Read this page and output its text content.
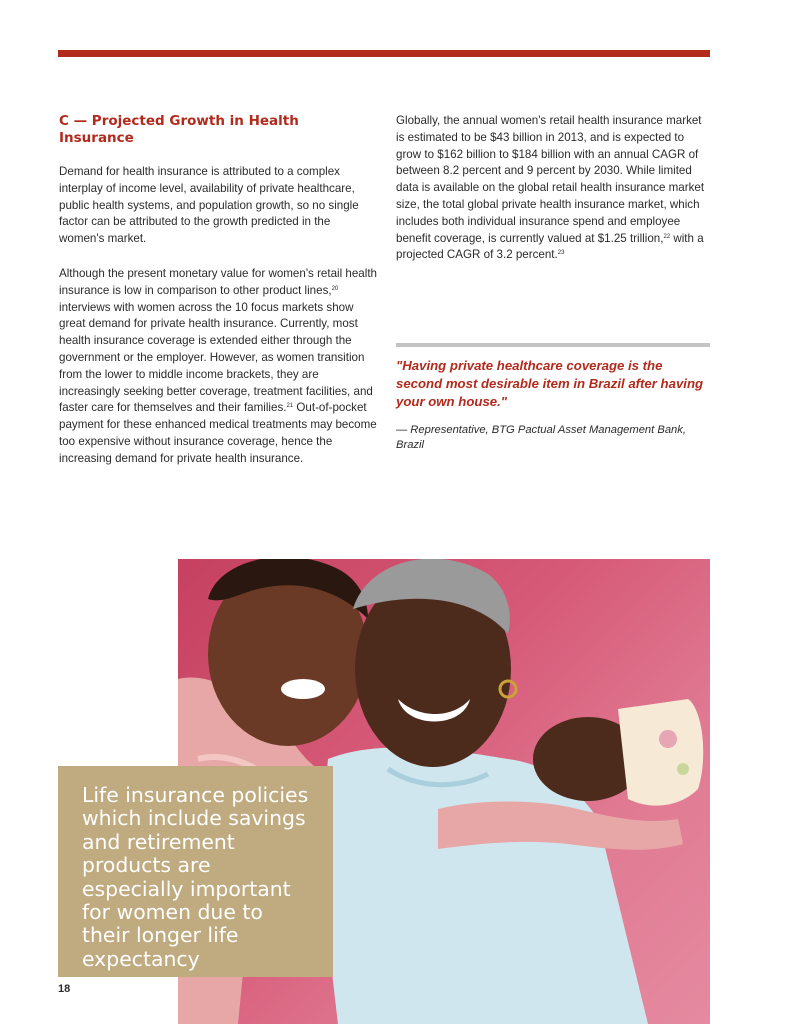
C — Projected Growth in Health Insurance

Demand for health insurance is attributed to a complex interplay of income level, availability of private healthcare, public health systems, and population growth, so no single factor can be attributed to the growth predicted in the women's market.

Although the present monetary value for women's retail health insurance is low in comparison to other product lines,$^{20}$ interviews with women across the 10 focus markets show great demand for private health insurance. Currently, most health insurance coverage is extended either through the government or the employer. However, as women transition from the lower to middle income brackets, they are increasingly seeking better coverage, treatment facilities, and faster care for themselves and their families.$^{21}$ Out-of-pocket payment for these enhanced medical treatments may become too expensive without insurance coverage, hence the increasing demand for private health insurance.

Globally, the annual women's retail health insurance market is estimated to be $43 billion in 2013, and is expected to grow to $162 billion to $184 billion with an annual CAGR of between 8.2 percent and 9 percent by 2030. While limited data is available on the global retail health insurance market size, the total global private health insurance market, which includes both individual insurance spend and employee benefit coverage, is currently valued at $1.25 trillion,$^{22}$ with a projected CAGR of 3.2 percent.$^{23}$

"Having private healthcare coverage is the second most desirable item in Brazil after having your own house."

— Representative, BTG Pactual Asset Management Bank, Brazil

Life insurance policies which include savings and retirement products are especially important for women due to their longer life expectancy

18
